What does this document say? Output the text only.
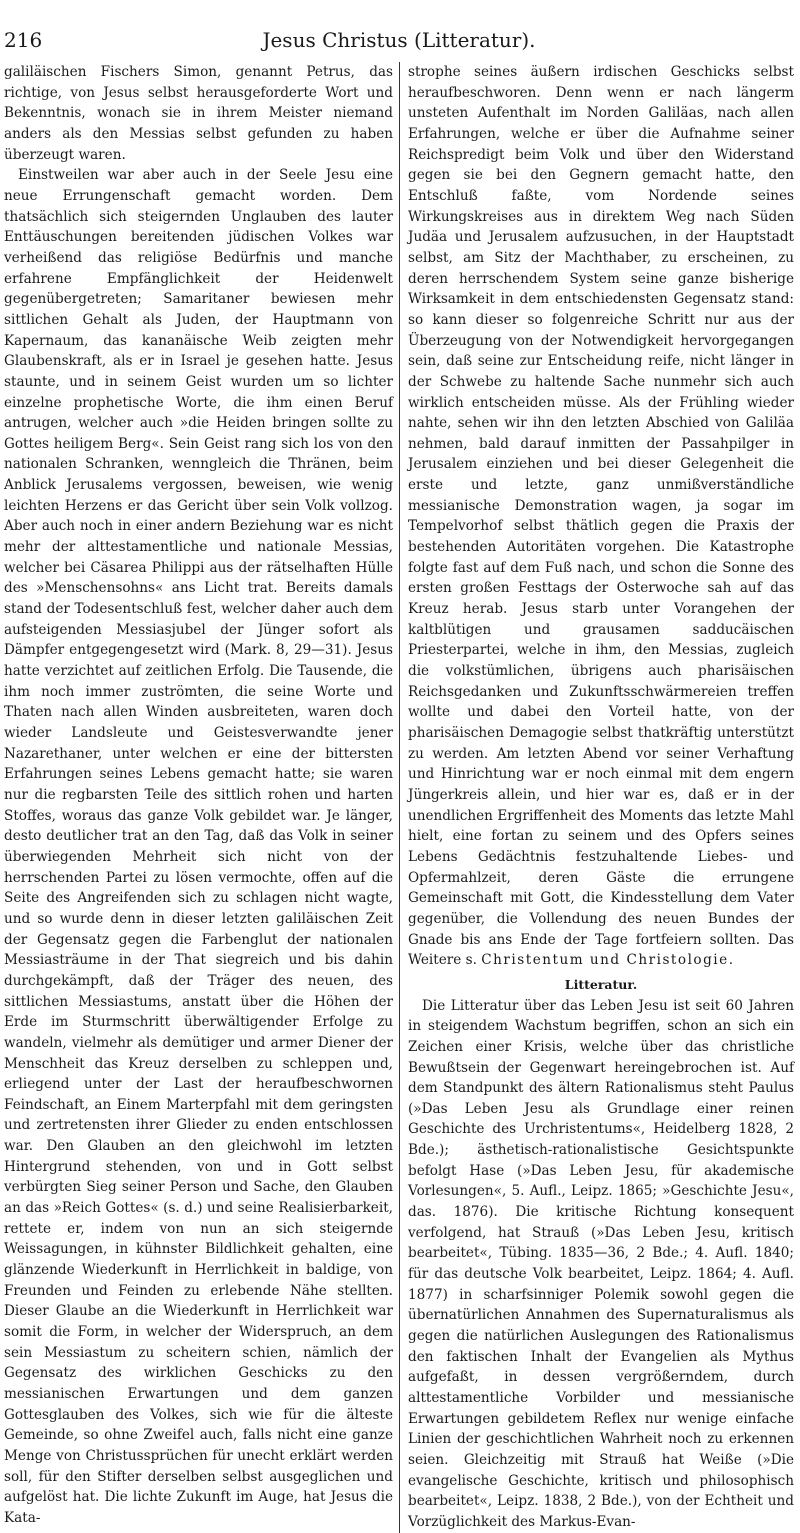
216	Jesus Christus (Litteratur).

galiläischen Fischers Simon, genannt Petrus, das richtige, von Jesus selbst herausgeforderte Wort und Bekenntnis, wonach sie in ihrem Meister niemand anders als den Messias selbst gefunden zu haben überzeugt waren.

Einstweilen war aber auch in der Seele Jesu eine neue Errungenschaft gemacht worden. Dem thatsächlich sich steigernden Unglauben des lauter Enttäuschungen bereitenden jüdischen Volkes war verheißend das religiöse Bedürfnis und manche erfahrene Empfänglichkeit der Heidenwelt gegenübergetreten; Samaritaner bewiesen mehr sittlichen Gehalt als Juden, der Hauptmann von Kapernaum, das kananäische Weib zeigten mehr Glaubenskraft, als er in Israel je gesehen hatte. Jesus staunte, und in seinem Geist wurden um so lichter einzelne prophetische Worte, die ihm einen Beruf antrugen, welcher auch »die Heiden bringen sollte zu Gottes heiligem Berg«. Sein Geist rang sich los von den nationalen Schranken, wenngleich die Thränen, beim Anblick Jerusalems vergossen, beweisen, wie wenig leichten Herzens er das Gericht über sein Volk vollzog. Aber auch noch in einer andern Beziehung war es nicht mehr der alttestamentliche und nationale Messias, welcher bei Cäsarea Philippi aus der rätselhaften Hülle des »Menschensohns« ans Licht trat. Bereits damals stand der Todesentschluß fest, welcher daher auch dem aufsteigenden Messiasjubel der Jünger sofort als Dämpfer entgegengesetzt wird (Mark. 8, 29—31). Jesus hatte verzichtet auf zeitlichen Erfolg. Die Tausende, die ihm noch immer zuströmten, die seine Worte und Thaten nach allen Winden ausbreiteten, waren doch wieder Landsleute und Geistesverwandte jener Nazarethaner, unter welchen er eine der bittersten Erfahrungen seines Lebens gemacht hatte; sie waren nur die regbarsten Teile des sittlich rohen und harten Stoffes, woraus das ganze Volk gebildet war. Je länger, desto deutlicher trat an den Tag, daß das Volk in seiner überwiegenden Mehrheit sich nicht von der herrschenden Partei zu lösen vermochte, offen auf die Seite des Angreifenden sich zu schlagen nicht wagte, und so wurde denn in dieser letzten galiläischen Zeit der Gegensatz gegen die Farbenglut der nationalen Messiasträume in der That siegreich und bis dahin durchgekämpft, daß der Träger des neuen, des sittlichen Messiastums, anstatt über die Höhen der Erde im Sturmschritt überwältigender Erfolge zu wandeln, vielmehr als demütiger und armer Diener der Menschheit das Kreuz derselben zu schleppen und, erliegend unter der Last der heraufbeschwornen Feindschaft, an Einem Marterpfahl mit dem geringsten und zertretensten ihrer Glieder zu enden entschlossen war. Den Glauben an den gleichwohl im letzten Hintergrund stehenden, von und in Gott selbst verbürgten Sieg seiner Person und Sache, den Glauben an das »Reich Gottes« (s. d.) und seine Realisierbarkeit, rettete er, indem von nun an sich steigernde Weissagungen, in kühnster Bildlichkeit gehalten, eine glänzende Wiederkunft in Herrlichkeit in baldige, von Freunden und Feinden zu erlebende Nähe stellten. Dieser Glaube an die Wiederkunft in Herrlichkeit war somit die Form, in welcher der Widerspruch, an dem sein Messiastum zu scheitern schien, nämlich der Gegensatz des wirklichen Geschicks zu den messianischen Erwartungen und dem ganzen Gottesglauben des Volkes, sich wie für die älteste Gemeinde, so ohne Zweifel auch, falls nicht eine ganze Menge von Christussprüchen für unecht erklärt werden soll, für den Stifter derselben selbst ausgeglichen und aufgelöst hat. Die lichte Zukunft im Auge, hat Jesus die Kata-

strophe seines äußern irdischen Geschicks selbst heraufbeschworen. Denn wenn er nach längerm unsteten Aufenthalt im Norden Galiläas, nach allen Erfahrungen, welche er über die Aufnahme seiner Reichspredigt beim Volk und über den Widerstand gegen sie bei den Gegnern gemacht hatte, den Entschluß faßte, vom Nordende seines Wirkungskreises aus in direktem Weg nach Süden Judäa und Jerusalem aufzusuchen, in der Hauptstadt selbst, am Sitz der Machthaber, zu erscheinen, zu deren herrschendem System seine ganze bisherige Wirksamkeit in dem entschiedensten Gegensatz stand: so kann dieser so folgenreiche Schritt nur aus der Überzeugung von der Notwendigkeit hervorgegangen sein, daß seine zur Entscheidung reife, nicht länger in der Schwebe zu haltende Sache nunmehr sich auch wirklich entscheiden müsse. Als der Frühling wieder nahte, sehen wir ihn den letzten Abschied von Galiläa nehmen, bald darauf inmitten der Passahpilger in Jerusalem einziehen und bei dieser Gelegenheit die erste und letzte, ganz unmißverständliche messianische Demonstration wagen, ja sogar im Tempelvorhof selbst thätlich gegen die Praxis der bestehenden Autoritäten vorgehen. Die Katastrophe folgte fast auf dem Fuß nach, und schon die Sonne des ersten großen Festtags der Osterwoche sah auf das Kreuz herab. Jesus starb unter Vorangehen der kaltblütigen und grausamen sadducäischen Priesterpartei, welche in ihm, den Messias, zugleich die volkstümlichen, übrigens auch pharisäischen Reichsgedanken und Zukunftsschwärmereien treffen wollte und dabei den Vorteil hatte, von der pharisäischen Demagogie selbst thatkräftig unterstützt zu werden. Am letzten Abend vor seiner Verhaftung und Hinrichtung war er noch einmal mit dem engern Jüngerkreis allein, und hier war es, daß er in der unendlichen Ergriffenheit des Moments das letzte Mahl hielt, eine fortan zu seinem und des Opfers seines Lebens Gedächtnis festzuhaltende Liebes- und Opfermahlzeit, deren Gäste die errungene Gemeinschaft mit Gott, die Kindesstellung dem Vater gegenüber, die Vollendung des neuen Bundes der Gnade bis ans Ende der Tage fortfeiern sollten. Das Weitere s. Christentum und Christologie.

Litteratur.

Die Litteratur über das Leben Jesu ist seit 60 Jahren in steigendem Wachstum begriffen, schon an sich ein Zeichen einer Krisis, welche über das christliche Bewußtsein der Gegenwart hereingebrochen ist. Auf dem Standpunkt des ältern Rationalismus steht Paulus (»Das Leben Jesu als Grundlage einer reinen Geschichte des Urchristentums«, Heidelberg 1828, 2 Bde.); ästhetisch-rationalistische Gesichtspunkte befolgt Hase (»Das Leben Jesu, für akademische Vorlesungen«, 5. Aufl., Leipz. 1865; »Geschichte Jesu«, das. 1876). Die kritische Richtung konsequent verfolgend, hat Strauß (»Das Leben Jesu, kritisch bearbeitet«, Tübing. 1835—36, 2 Bde.; 4. Aufl. 1840; für das deutsche Volk bearbeitet, Leipz. 1864; 4. Aufl. 1877) in scharfsinniger Polemik sowohl gegen die übernatürlichen Annahmen des Supernaturalismus als gegen die natürlichen Auslegungen des Rationalismus den faktischen Inhalt der Evangelien als Mythus aufgefaßt, in dessen vergrößerndem, durch alttestamentliche Vorbilder und messianische Erwartungen gebildetem Reflex nur wenige einfache Linien der geschichtlichen Wahrheit noch zu erkennen seien. Gleichzeitig mit Strauß hat Weiße (»Die evangelische Geschichte, kritisch und philosophisch bearbeitet«, Leipz. 1838, 2 Bde.), von der Echtheit und Vorzüglichkeit des Markus-Evan-
